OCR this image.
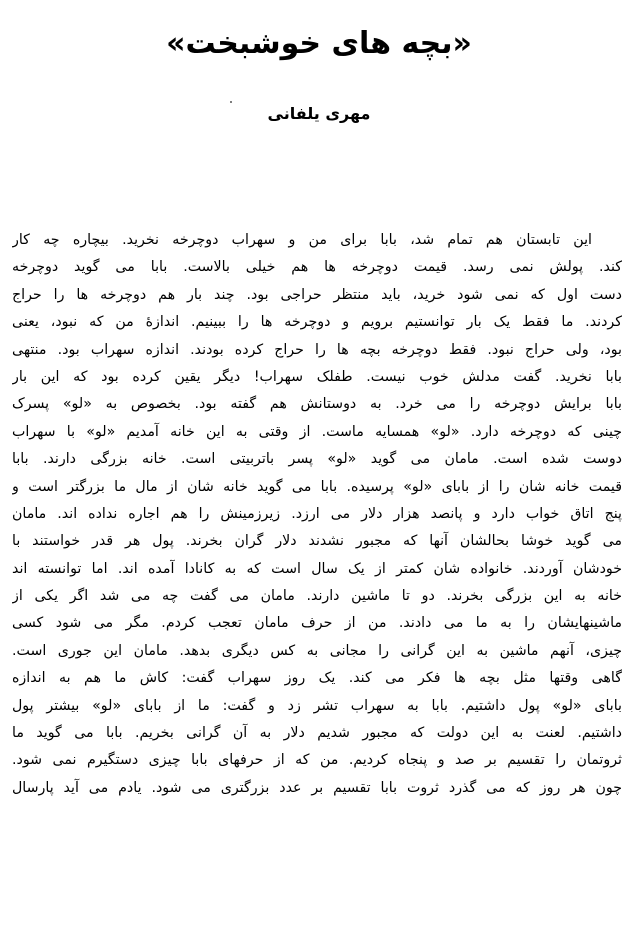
«بچه های خوشبخت»
مهری یلفانی
این تابستان هم تمام شد، بابا برای من و سهراب دوچرخه نخرید. بیچاره چه کار
کند. پولش نمی رسد. قیمت دوچرخه ها هم خیلی بالاست. بابا می گوید دوچرخه
دست اول که نمی شود خرید، باید منتظر حراجی بود. چند بار هم دوچرخه ها را حراج
کردند. ما فقط یک بار توانستیم برویم و دوچرخه ها را ببینیم. اندازهٔ من که نبود، یعنی
بود، ولی حراج نبود. فقط دوچرخه بچه ها را حراج کرده بودند. اندازه سهراب بود. منتهی
بابا نخرید. گفت مدلش خوب نیست. طفلک سهراب! دیگر یقین کرده بود که این بار
بابا برایش دوچرخه را می خرد. به دوستانش هم گفته بود. بخصوص به «لو» پسرک
چینی که دوچرخه دارد. «لو» همسایه ماست. از وقتی به این خانه آمدیم «لو» با سهراب
دوست شده است. مامان می گوید «لو» پسر باتربیتی است. خانه بزرگی دارند. بابا
قیمت خانه شان را از بابای «لو» پرسیده. بابا می گوید خانه شان از مال ما بزرگتر است و
پنج اتاق خواب دارد و پانصد هزار دلار می ارزد. زیرزمینش را هم اجاره نداده اند. مامان
می گوید خوشا بحالشان آنها که مجبور نشدند دلار گران بخرند. پول هر قدر خواستند با
خودشان آوردند. خانواده شان کمتر از یک سال است که به کانادا آمده اند. اما توانسته اند
خانه به این بزرگی بخرند. دو تا ماشین دارند. مامان می گفت چه می شد اگر یکی از
ماشینهایشان را به ما می دادند. من از حرف مامان تعجب کردم. مگر می شود کسی
چیزی، آنهم ماشین به این گرانی را مجانی به کس دیگری بدهد. مامان این جوری است.
گاهی وقتها مثل بچه ها فکر می کند. یک روز سهراب گفت: کاش ما هم به اندازه
بابای «لو» پول داشتیم. بابا به سهراب تشر زد و گفت: ما از بابای «لو» بیشتر پول
داشتیم. لعنت به این دولت که مجبور شدیم دلار به آن گرانی بخریم. بابا می گوید ما
ثروتمان را تقسیم بر صد و پنجاه کردیم. من که از حرفهای بابا چیزی دستگیرم نمی شود.
چون هر روز که می گذرد ثروت بابا تقسیم بر عدد بزرگتری می شود. یادم می آید پارسال
